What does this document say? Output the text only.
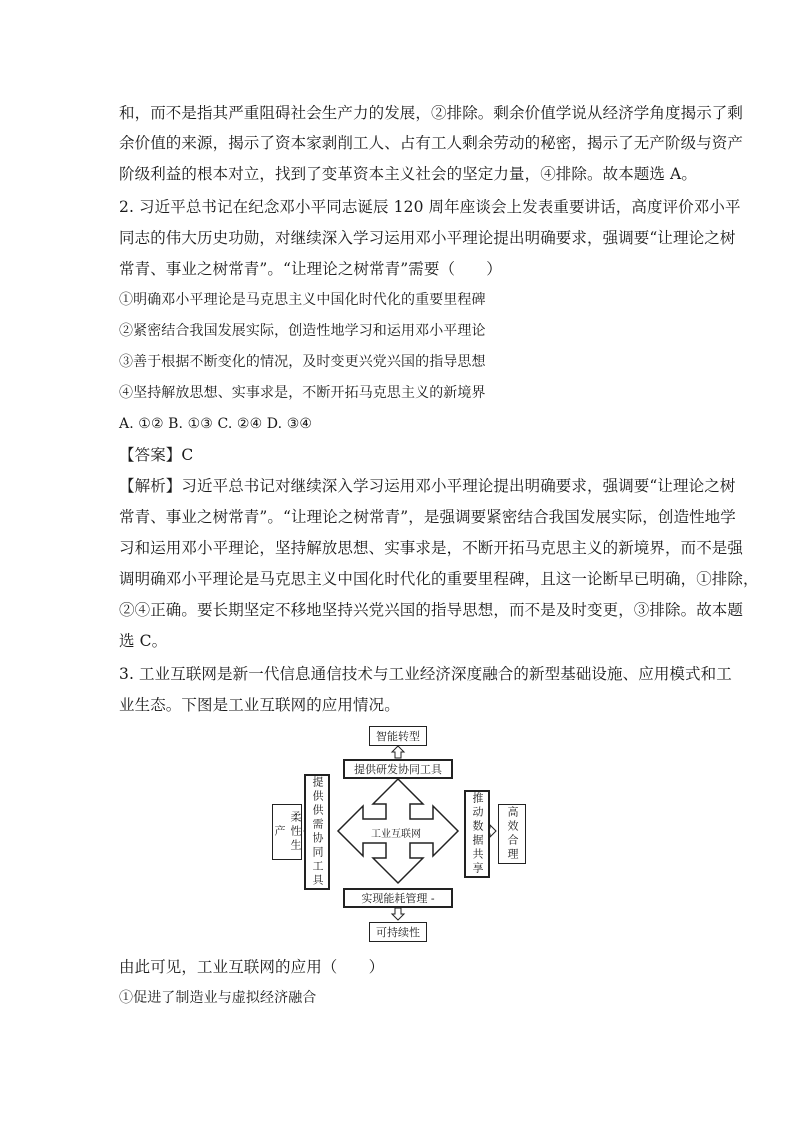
和，而不是指其严重阻碍社会生产力的发展，②排除。剩余价值学说从经济学角度揭示了剩
余价值的来源，揭示了资本家剥削工人、占有工人剩余劳动的秘密，揭示了无产阶级与资产
阶级利益的根本对立，找到了变革资本主义社会的坚定力量，④排除。故本题选 A。
2. 习近平总书记在纪念邓小平同志诞辰 120 周年座谈会上发表重要讲话，高度评价邓小平
同志的伟大历史功勋，对继续深入学习运用邓小平理论提出明确要求，强调要“让理论之树
常青、事业之树常青”。“让理论之树常青”需要（　　）
①明确邓小平理论是马克思主义中国化时代化的重要里程碑
②紧密结合我国发展实际，创造性地学习和运用邓小平理论
③善于根据不断变化的情况，及时变更兴党兴国的指导思想
④坚持解放思想、实事求是，不断开拓马克思主义的新境界
A. ①② B. ①③ C. ②④ D. ③④
【答案】C
【解析】习近平总书记对继续深入学习运用邓小平理论提出明确要求，强调要“让理论之树
常青、事业之树常青”。“让理论之树常青”，是强调要紧密结合我国发展实际，创造性地学
习和运用邓小平理论，坚持解放思想、实事求是，不断开拓马克思主义的新境界，而不是强
调明确邓小平理论是马克思主义中国化时代化的重要里程碑，且这一论断早已明确，①排除，
②④正确。要长期坚定不移地坚持兴党兴国的指导思想，而不是及时变更，③排除。故本题
选 C。
3. 工业互联网是新一代信息通信技术与工业经济深度融合的新型基础设施、应用模式和工
业生态。下图是工业互联网的应用情况。
智能转型
提供研发协同工具
柔性生产	提供供需协同工具	推动数据共享	高效合理
工业互联网
实现能耗管理 -
可持续性
由此可见，工业互联网的应用（　　）
①促进了制造业与虚拟经济融合
